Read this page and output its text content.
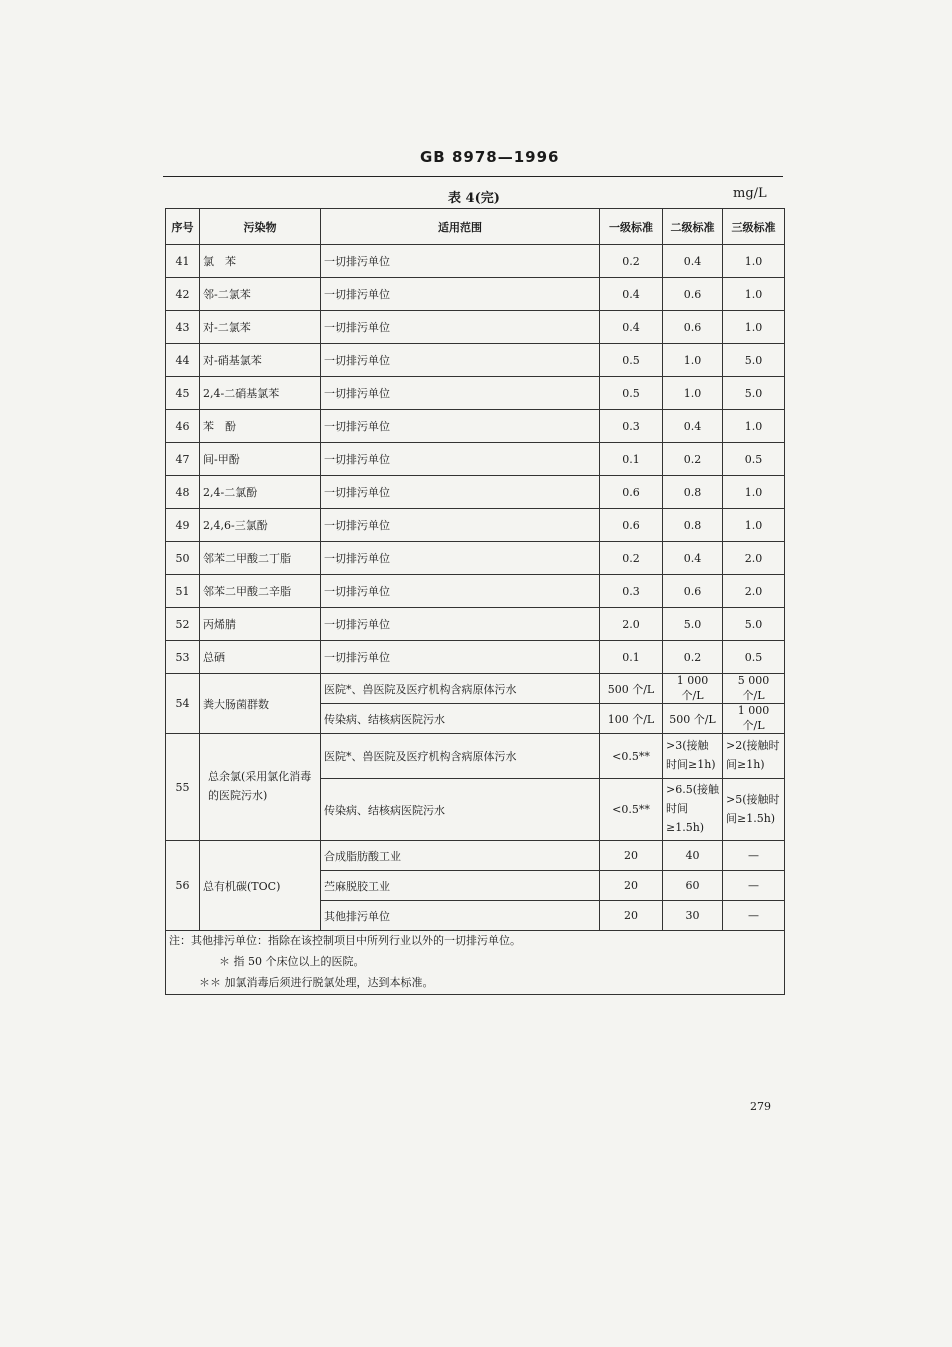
GB 8978—1996
表 4(完)	mg/L
序号	污染物	适用范围	一级标准	二级标准	三级标准
41	氯　苯	一切排污单位	0.2	0.4	1.0
42	邻-二氯苯	一切排污单位	0.4	0.6	1.0
43	对-二氯苯	一切排污单位	0.4	0.6	1.0
44	对-硝基氯苯	一切排污单位	0.5	1.0	5.0
45	2,4-二硝基氯苯	一切排污单位	0.5	1.0	5.0
46	苯　酚	一切排污单位	0.3	0.4	1.0
47	间-甲酚	一切排污单位	0.1	0.2	0.5
48	2,4-二氯酚	一切排污单位	0.6	0.8	1.0
49	2,4,6-三氯酚	一切排污单位	0.6	0.8	1.0
50	邻苯二甲酸二丁脂	一切排污单位	0.2	0.4	2.0
51	邻苯二甲酸二辛脂	一切排污单位	0.3	0.6	2.0
52	丙烯腈	一切排污单位	2.0	5.0	5.0
53	总硒	一切排污单位	0.1	0.2	0.5
54	粪大肠菌群数	医院*、兽医院及医疗机构含病原体污水	500 个/L	1 000 个/L	5 000 个/L
		传染病、结核病医院污水	100 个/L	500 个/L	1 000 个/L
55	总余氯(采用氯化消毒的医院污水)	医院*、兽医院及医疗机构含病原体污水	<0.5**	>3(接触时间≥1h)	>2(接触时间≥1h)
		传染病、结核病医院污水	<0.5**	>6.5(接触时间≥1.5h)	>5(接触时间≥1.5h)
56	总有机碳(TOC)	合成脂肪酸工业	20	40	—
		苎麻脱胶工业	20	60	—
		其他排污单位	20	30	—

注：其他排污单位：指除在该控制项目中所列行业以外的一切排污单位。
＊ 指 50 个床位以上的医院。
＊＊ 加氯消毒后须进行脱氯处理，达到本标准。					
279
